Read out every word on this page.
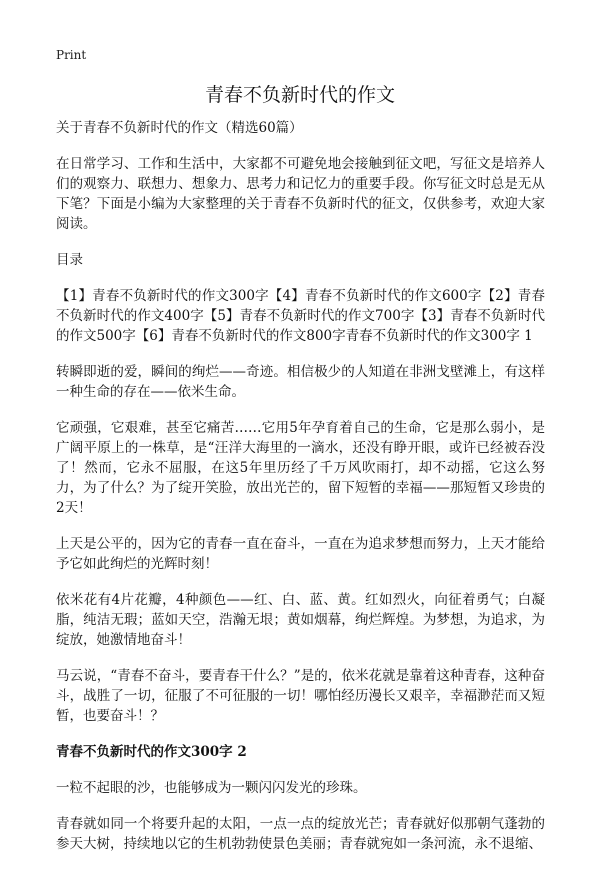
Print
青春不负新时代的作文

关于青春不负新时代的作文（精选60篇）

在日常学习、工作和生活中，大家都不可避免地会接触到征文吧，写征文是培养人们的观察力、联想力、想象力、思考力和记忆力的重要手段。你写征文时总是无从下笔？下面是小编为大家整理的关于青春不负新时代的征文，仅供参考，欢迎大家阅读。

目录

【1】青春不负新时代的作文300字【4】青春不负新时代的作文600字【2】青春不负新时代的作文400字【5】青春不负新时代的作文700字【3】青春不负新时代的作文500字【6】青春不负新时代的作文800字青春不负新时代的作文300字 1

转瞬即逝的爱，瞬间的绚烂——奇迹。相信极少的人知道在非洲戈壁滩上，有这样一种生命的存在——依米生命。

它顽强，它艰难，甚至它痛苦……它用5年孕育着自己的生命，它是那么弱小，是广阔平原上的一株草，是“汪洋大海里的一滴水，还没有睁开眼，或许已经被吞没了！然而，它永不屈服，在这5年里历经了千万风吹雨打，却不动摇，它这么努力，为了什么？为了绽开笑脸，放出光芒的，留下短暂的幸福——那短暂又珍贵的2天！

上天是公平的，因为它的青春一直在奋斗，一直在为追求梦想而努力，上天才能给予它如此绚烂的光辉时刻！

依米花有4片花瓣，4种颜色——红、白、蓝、黄。红如烈火，向征着勇气；白凝脂，纯洁无瑕；蓝如天空，浩瀚无垠；黄如烟幕，绚烂辉煌。为梦想，为追求，为绽放，她激情地奋斗！

马云说，“青春不奋斗，要青春干什么？”是的，依米花就是靠着这种青春，这种奋斗，战胜了一切，征服了不可征服的一切！哪怕经历漫长又艰辛，幸福渺茫而又短暂，也要奋斗！？

青春不负新时代的作文300字 2

一粒不起眼的沙，也能够成为一颗闪闪发光的珍珠。

青春就如同一个将要升起的太阳，一点一点的绽放光芒；青春就好似那朝气蓬勃的参天大树，持续地以它的生机勃勃使景色美丽；青春就宛如一条河流，永不退缩、
